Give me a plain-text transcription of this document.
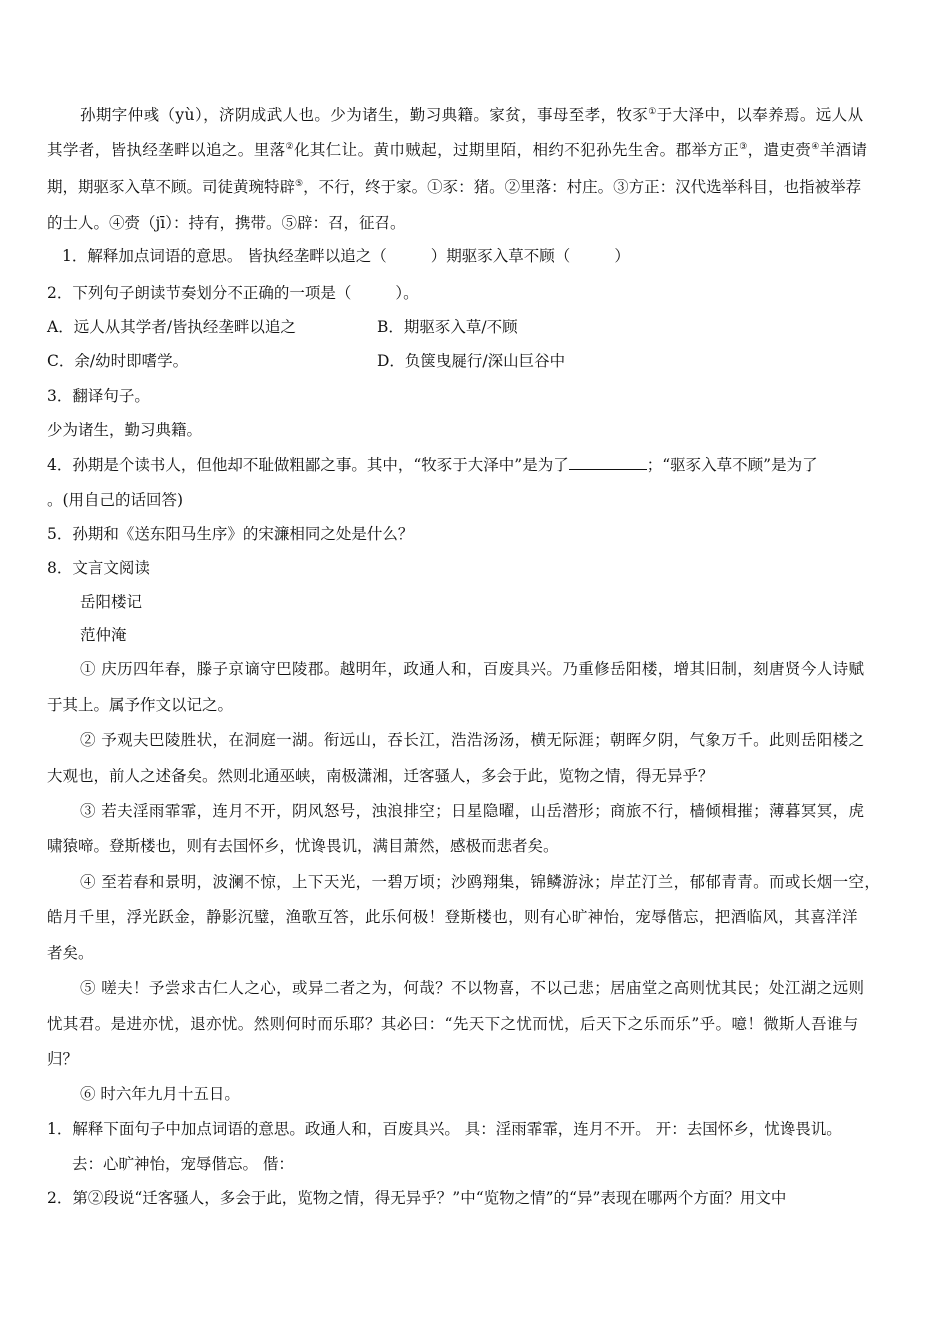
孙期字仲彧（yù），济阴成武人也。少为诸生，勤习典籍。家贫，事母至孝，牧豕①于大泽中，以奉养焉。远人从
其学者，皆执经垄畔以追之。里落②化其仁让。黄巾贼起，过期里陌，相约不犯孙先生舍。郡举方正③，遣吏赍④羊酒请
期，期驱豕入草不顾。司徒黄琬特辟⑤，不行，终于家。①豕：猪。②里落：村庄。③方正：汉代选举科目，也指被举荐
的士人。④赍（jī）：持有，携带。⑤辟：召，征召。
1．解释加点词语的意思。 皆执经垄畔以追之（	）期驱豕入草不顾（	）
2．下列句子朗读节奏划分不正确的一项是（	）。
A．远人从其学者/皆执经垄畔以追之	B．期驱豕入草/不顾
C．余/幼时即嗜学。	D．负箧曳屣行/深山巨谷中
3．翻译句子。
少为诸生，勤习典籍。
4．孙期是个读书人，但他却不耻做粗鄙之事。其中，“牧豕于大泽中”是为了	；“驱豕入草不顾”是为了
。(用自己的话回答)
5．孙期和《送东阳马生序》的宋濂相同之处是什么？
8．文言文阅读
岳阳楼记
范仲淹
① 庆历四年春，滕子京谪守巴陵郡。越明年，政通人和，百废具兴。乃重修岳阳楼，增其旧制，刻唐贤今人诗赋
于其上。属予作文以记之。
② 予观夫巴陵胜状，在洞庭一湖。衔远山，吞长江，浩浩汤汤，横无际涯；朝晖夕阴，气象万千。此则岳阳楼之
大观也，前人之述备矣。然则北通巫峡，南极潇湘，迁客骚人，多会于此，览物之情，得无异乎？
③ 若夫淫雨霏霏，连月不开，阴风怒号，浊浪排空；日星隐曜，山岳潜形；商旅不行，樯倾楫摧；薄暮冥冥，虎
啸猿啼。登斯楼也，则有去国怀乡，忧谗畏讥，满目萧然，感极而悲者矣。
④ 至若春和景明，波澜不惊，上下天光，一碧万顷；沙鸥翔集，锦鳞游泳；岸芷汀兰，郁郁青青。而或长烟一空，
皓月千里，浮光跃金，静影沉璧，渔歌互答，此乐何极！登斯楼也，则有心旷神怡，宠辱偕忘，把酒临风，其喜洋洋
者矣。
⑤ 嗟夫！予尝求古仁人之心，或异二者之为，何哉？不以物喜，不以己悲；居庙堂之高则忧其民；处江湖之远则
忧其君。是进亦忧，退亦忧。然则何时而乐耶？其必曰：“先天下之忧而忧，后天下之乐而乐”乎。噫！微斯人吾谁与
归？
⑥ 时六年九月十五日。
1．解释下面句子中加点词语的意思。政通人和，百废具兴。 具：淫雨霏霏，连月不开。 开：去国怀乡，忧谗畏讥。
去：心旷神怡，宠辱偕忘。 偕：
2．第②段说“迁客骚人，多会于此，览物之情，得无异乎？”中“览物之情”的“异”表现在哪两个方面？用文中
